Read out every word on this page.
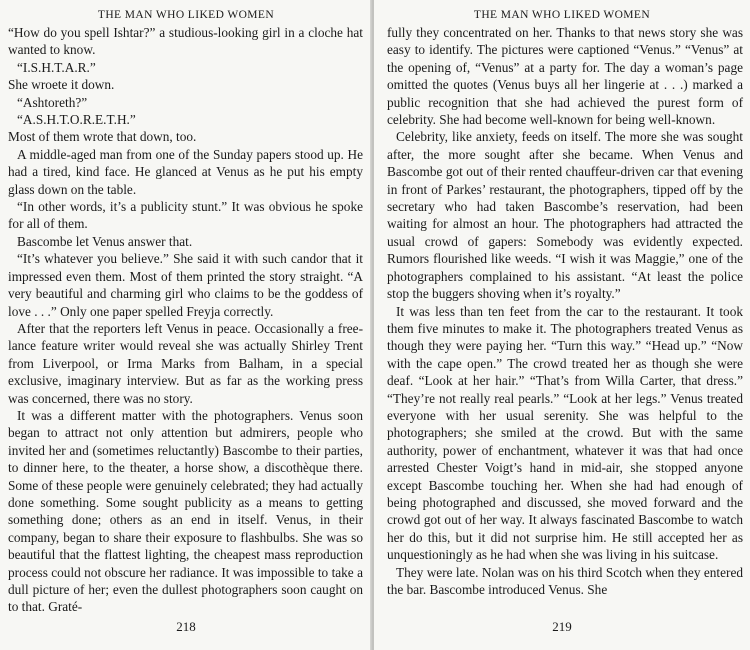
THE MAN WHO LIKED WOMEN

“How do you spell Ishtar?” a studious-looking girl in a cloche hat wanted to know.

“I.S.H.T.A.R.”

She wroete it down.

“Ashtoreth?”

“A.S.H.T.O.R.E.T.H.”

Most of them wrote that down, too.

A middle-aged man from one of the Sunday papers stood up. He had a tired, kind face. He glanced at Venus as he put his empty glass down on the table.

“In other words, it’s a publicity stunt.” It was obvious he spoke for all of them.

Bascombe let Venus answer that.

“It’s whatever you believe.” She said it with such candor that it impressed even them. Most of them printed the story straight. “A very beautiful and charming girl who claims to be the goddess of love . . .” Only one paper spelled Freyja correctly.

After that the reporters left Venus in peace. Occasionally a free-lance feature writer would reveal she was actually Shirley Trent from Liverpool, or Irma Marks from Balham, in a special exclusive, imaginary interview. But as far as the working press was concerned, there was no story.

It was a different matter with the photographers. Venus soon began to attract not only attention but admirers, people who invited her and (sometimes reluctantly) Bascombe to their parties, to dinner here, to the theater, a horse show, a discothèque there. Some of these people were genuinely celebrated; they had actually done something. Some sought publicity as a means to getting something done; others as an end in itself. Venus, in their company, began to share their exposure to flashbulbs. She was so beautiful that the flattest lighting, the cheapest mass reproduction process could not obscure her radiance. It was impossible to take a dull picture of her; even the dullest photographers soon caught on to that. Graté-

218
THE MAN WHO LIKED WOMEN

fully they concentrated on her. Thanks to that news story she was easy to identify. The pictures were captioned “Venus.” “Venus” at the opening of, “Venus” at a party for. The day a woman’s page omitted the quotes (Venus buys all her lingerie at . . .) marked a public recognition that she had achieved the purest form of celebrity. She had become well-known for being well-known.

Celebrity, like anxiety, feeds on itself. The more she was sought after, the more sought after she became. When Venus and Bascombe got out of their rented chauffeur-driven car that evening in front of Parkes’ restaurant, the photographers, tipped off by the secretary who had taken Bascombe’s reservation, had been waiting for almost an hour. The photographers had attracted the usual crowd of gapers: Somebody was evidently expected. Rumors flourished like weeds. “I wish it was Maggie,” one of the photographers complained to his assistant. “At least the police stop the buggers shoving when it’s royalty.”

It was less than ten feet from the car to the restaurant. It took them five minutes to make it. The photographers treated Venus as though they were paying her. “Turn this way.” “Head up.” “Now with the cape open.” The crowd treated her as though she were deaf. “Look at her hair.” “That’s from Willa Carter, that dress.” “They’re not really real pearls.” “Look at her legs.” Venus treated everyone with her usual serenity. She was helpful to the photographers; she smiled at the crowd. But with the same authority, power of enchantment, whatever it was that had once arrested Chester Voigt’s hand in mid-air, she stopped anyone except Bascombe touching her. When she had had enough of being photographed and discussed, she moved forward and the crowd got out of her way. It always fascinated Bascombe to watch her do this, but it did not surprise him. He still accepted her as unquestioningly as he had when she was living in his suitcase.

They were late. Nolan was on his third Scotch when they entered the bar. Bascombe introduced Venus. She

219
